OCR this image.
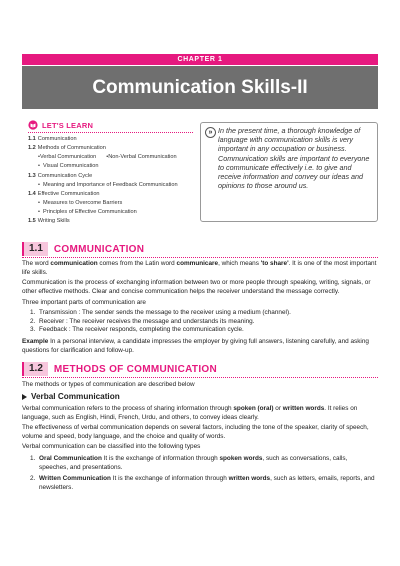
CHAPTER 1
Communication Skills-II
LET'S LEARN
1.1 Communication
1.2 Methods of Communication
•Verbal Communication •Non-Verbal Communication
• Visual Communication
1.3 Communication Cycle
• Meaning and Importance of Feedback Communication
1.4 Effective Communication
• Measures to Overcome Barriers
• Principles of Effective Communication
1.5 Writing Skills
» In the present time, a thorough knowledge of language with communication skills is very important in any occupation or business. Communication skills are important to everyone to communicate effectively i.e. to give and receive information and convey our ideas and opinions to those around us.
1.1	COMMUNICATION
The word communication comes from the Latin word communicare, which means 'to share'. It is one of the most important life skills.
Communication is the process of exchanging information between two or more people through speaking, writing, signals, or other effective methods. Clear and concise communication helps the receiver understand the message correctly.
Three important parts of communication are
1. Transmission : The sender sends the message to the receiver using a medium (channel).
2. Receiver : The receiver receives the message and understands its meaning.
3. Feedback : The receiver responds, completing the communication cycle.
Example In a personal interview, a candidate impresses the employer by giving full answers, listening carefully, and asking questions for clarification and follow-up.
1.2	METHODS OF COMMUNICATION
The methods or types of communication are described below
Verbal Communication
Verbal communication refers to the process of sharing information through spoken (oral) or written words. It relies on language, such as English, Hindi, French, Urdu, and others, to convey ideas clearly.
The effectiveness of verbal communication depends on several factors, including the tone of the speaker, clarity of speech, volume and speed, body language, and the choice and quality of words.
Verbal communication can be classified into the following types
1. Oral Communication It is the exchange of information through spoken words, such as conversations, calls, speeches, and presentations.
2. Written Communication It is the exchange of information through written words, such as letters, emails, reports, and newsletters.
